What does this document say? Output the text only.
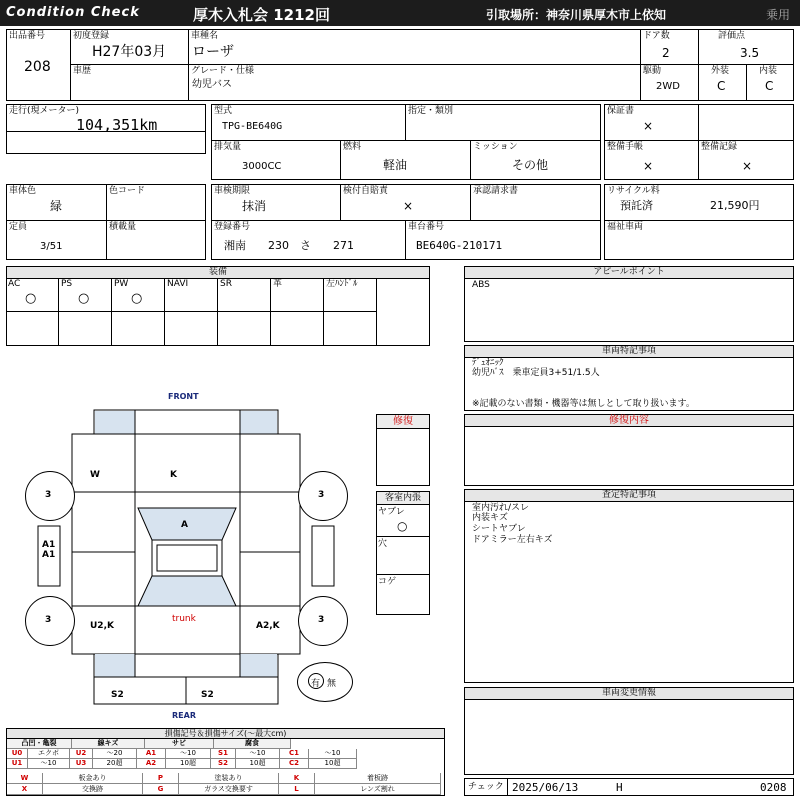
Condition Check	厚木入札会 1212回	引取場所：神奈川県厚木市上依知	乗用
出品番号
208
初度登録
H27年03月
車種名
ローザ
ドア数
2
評価点
3.5
車歴	グレード・仕様
幼児バス
駆動
2WD
外装
C
内装
C
走行(現メーター)
104,351km
型式
TPG-BE640G
指定・類別
排気量
3000CC
燃料
軽油
ミッション
その他
保証書
×
整備手帳
×
整備記録
×
車体色
緑
色コード
定員
3/51
積載量
車検期限
抹消
検付自賠責
×
承認請求書
登録番号
湘南　　230　さ　　271
車台番号
BE640G-210171
リサイクル料
預託済	21,590円
福祉車両
装備
AC
○
PS
○
PW
○
NAVI	SR	革	左ﾊﾝﾄﾞﾙ
アピールポイント
ABS
車両特記事項
ﾃﾞｭｵﾆｯｸ
幼児ﾊﾞｽ　乗車定員3+51/1.5人
※記載のない書類・機器等は無しとして取り扱います。
修復内容
査定特記事項
室内汚れ/スレ
内装キズ
シートヤブレ
ドアミラー左右キズ
車両変更情報
FRONT
REAR
3	3
3	3
W	K
A
A1
A1
U2,K	A2,K
trunk
S2	S2
修復
客室内張
ヤブレ
○
穴
コゲ
有 無
損傷記号＆損傷サイズ(〜最大cm)
凸凹・亀裂	線キズ	サビ	腐食
U0	エクボ	U2	〜20	A1	〜10	S1	〜10	C1	〜10
U1	〜10	U3	20超	A2	10超	S2	10超	C2	10超
W	板金あり	P	塗装あり	K	着板跡
X	交換跡	G	ガラス交換要す	L	レンズ割れ	チェック 2025/06/13	H	0208
